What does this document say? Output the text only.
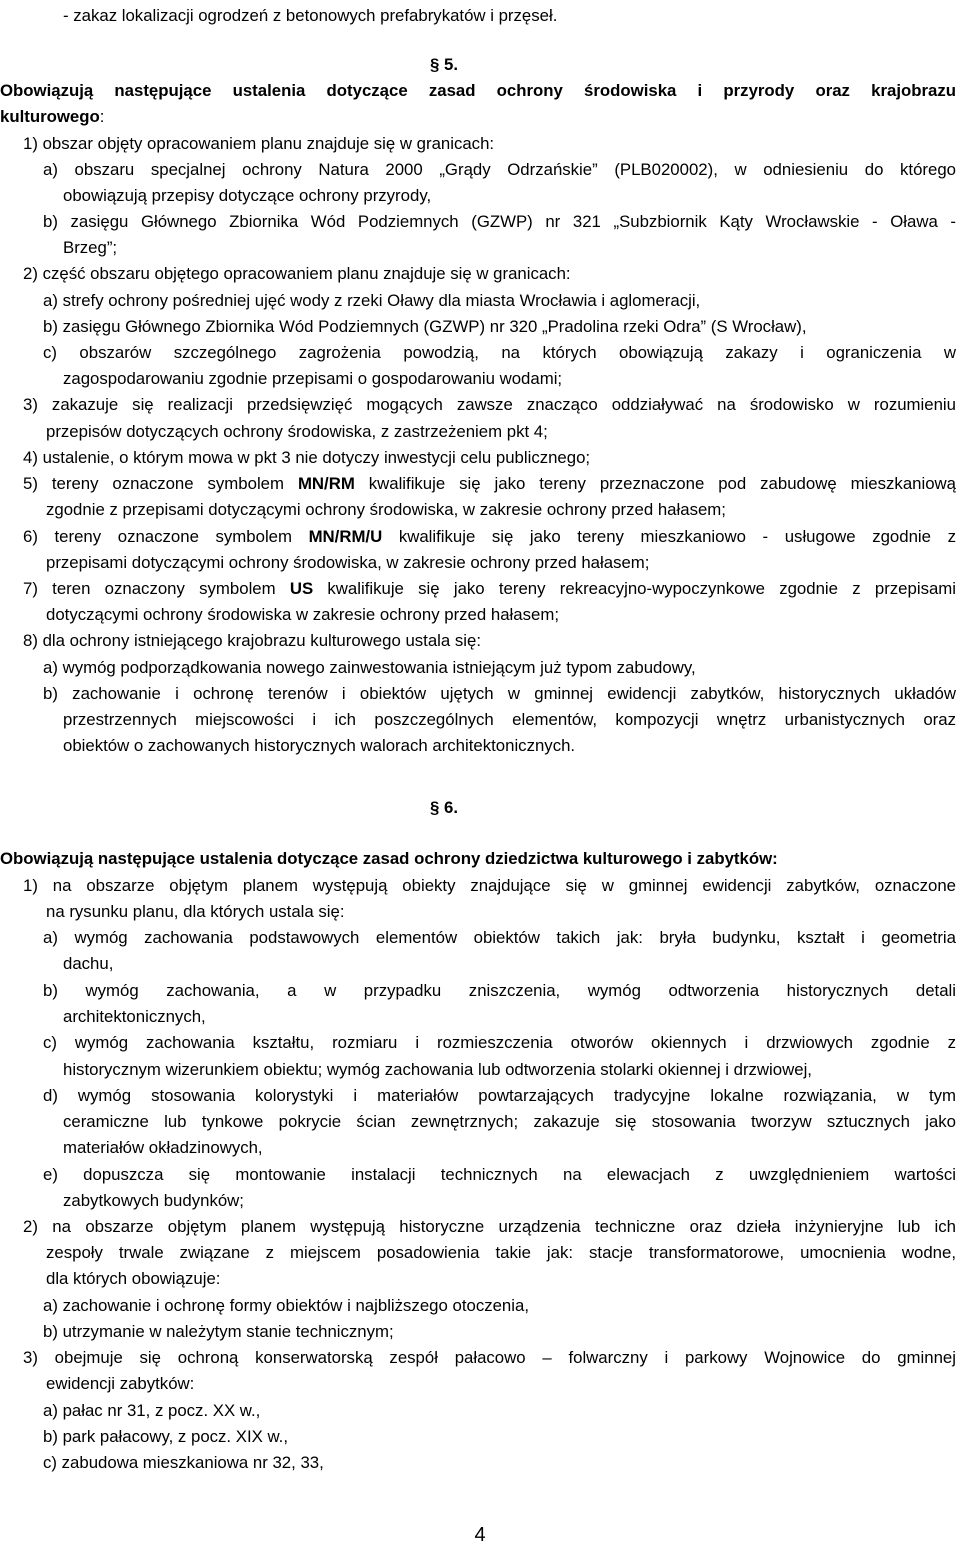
- zakaz lokalizacji ogrodzeń z betonowych prefabrykatów i przęseł.
§ 5.
Obowiązują następujące ustalenia dotyczące zasad ochrony środowiska i przyrody oraz krajobrazu
kulturowego:
1) obszar objęty opracowaniem planu znajduje się w granicach:
a) obszaru specjalnej ochrony Natura 2000 „Grądy Odrzańskie” (PLB020002), w odniesieniu do którego
obowiązują przepisy dotyczące ochrony przyrody,
b) zasięgu Głównego Zbiornika Wód Podziemnych (GZWP) nr 321 „Subzbiornik Kąty Wrocławskie - Oława -
Brzeg”;
2) część obszaru objętego opracowaniem planu znajduje się w granicach:
a) strefy ochrony pośredniej ujęć wody z rzeki Oławy dla miasta Wrocławia i aglomeracji,
b) zasięgu Głównego Zbiornika Wód Podziemnych (GZWP) nr 320 „Pradolina rzeki Odra” (S Wrocław),
c) obszarów szczególnego zagrożenia powodzią, na których obowiązują zakazy i ograniczenia w
zagospodarowaniu zgodnie przepisami o gospodarowaniu wodami;
3) zakazuje się realizacji przedsięwzięć mogących zawsze znacząco oddziaływać na środowisko w rozumieniu
przepisów dotyczących ochrony środowiska, z zastrzeżeniem pkt 4;
4) ustalenie, o którym mowa w pkt 3 nie dotyczy inwestycji celu publicznego;
5) tereny oznaczone symbolem MN/RM kwalifikuje się jako tereny przeznaczone pod zabudowę mieszkaniową
zgodnie z przepisami dotyczącymi ochrony środowiska, w zakresie ochrony przed hałasem;
6) tereny oznaczone symbolem MN/RM/U kwalifikuje się jako tereny mieszkaniowo - usługowe zgodnie z
przepisami dotyczącymi ochrony środowiska, w zakresie ochrony przed hałasem;
7) teren oznaczony symbolem US kwalifikuje się jako tereny rekreacyjno-wypoczynkowe zgodnie z przepisami
dotyczącymi ochrony środowiska w zakresie ochrony przed hałasem;
8) dla ochrony istniejącego krajobrazu kulturowego ustala się:
a) wymóg podporządkowania nowego zainwestowania istniejącym już typom zabudowy,
b) zachowanie i ochronę terenów i obiektów ujętych w gminnej ewidencji zabytków, historycznych układów
przestrzennych miejscowości i ich poszczególnych elementów, kompozycji wnętrz urbanistycznych oraz
obiektów o zachowanych historycznych walorach architektonicznych.
§ 6.
Obowiązują następujące ustalenia dotyczące zasad ochrony dziedzictwa kulturowego i zabytków:
1) na obszarze objętym planem występują obiekty znajdujące się w gminnej ewidencji zabytków, oznaczone
na rysunku planu, dla których ustala się:
a) wymóg zachowania podstawowych elementów obiektów takich jak: bryła budynku, kształt i geometria
dachu,
b) wymóg zachowania, a w przypadku zniszczenia, wymóg odtworzenia historycznych detali
architektonicznych,
c) wymóg zachowania kształtu, rozmiaru i rozmieszczenia otworów okiennych i drzwiowych zgodnie z
historycznym wizerunkiem obiektu; wymóg zachowania lub odtworzenia stolarki okiennej i drzwiowej,
d) wymóg stosowania kolorystyki i materiałów powtarzających tradycyjne lokalne rozwiązania, w tym
ceramiczne lub tynkowe pokrycie ścian zewnętrznych; zakazuje się stosowania tworzyw sztucznych jako
materiałów okładzinowych,
e) dopuszcza się montowanie instalacji technicznych na elewacjach z uwzględnieniem wartości
zabytkowych budynków;
2) na obszarze objętym planem występują historyczne urządzenia techniczne oraz dzieła inżynieryjne lub ich
zespoły trwale związane z miejscem posadowienia takie jak: stacje transformatorowe, umocnienia wodne,
dla których obowiązuje:
a) zachowanie i ochronę formy obiektów i najbliższego otoczenia,
b) utrzymanie w należytym stanie technicznym;
3) obejmuje się ochroną konserwatorską zespół pałacowo – folwarczny i parkowy Wojnowice do gminnej
ewidencji zabytków:
a) pałac nr 31, z pocz. XX w.,
b) park pałacowy, z pocz. XIX w.,
c) zabudowa mieszkaniowa nr 32, 33,
4
